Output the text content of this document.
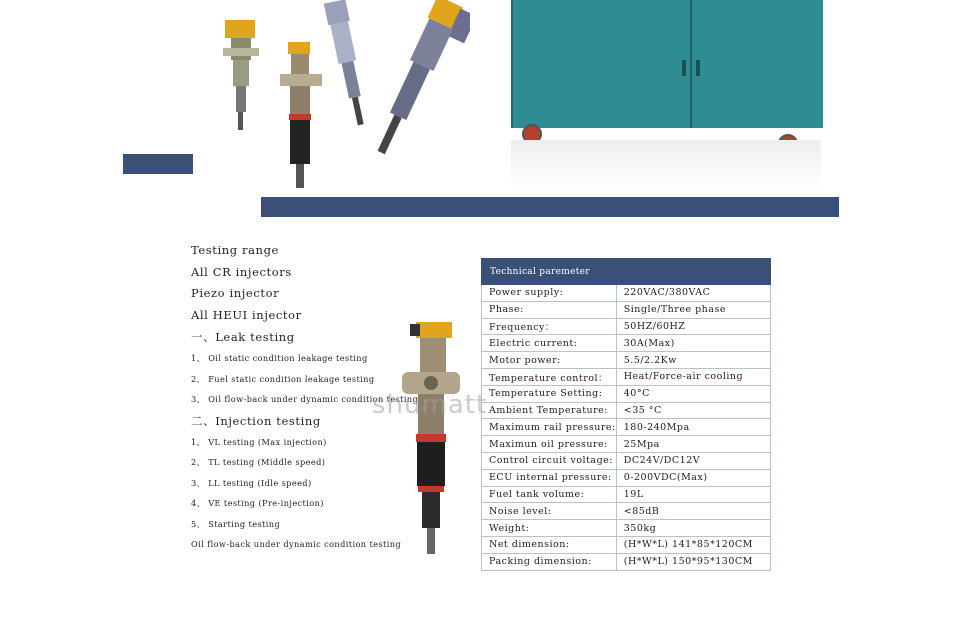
Testing range
All CR injectors
Piezo injector
All HEUI injector
一、Leak testing
1、 Oil static condition leakage testing
2、 Fuel static condition leakage testing
3、 Oil flow-back under dynamic condition testing
二、Injection testing
1、 VL testing (Max injection)
2、 TL testing (Middle speed)
3、 LL testing (Idle speed)
4、 VE testing (Pre-injection)
5、 Starting testing
Oil flow-back under dynamic condition testing
Technical paremeter	
Power supply:	220VAC/380VAC
Phase:	Single/Three phase
Frequency：	50HZ/60HZ
Electric current:	30A(Max)
Motor power:	5.5/2.2Kw
Temperature control：	Heat/Force-air cooling
Temperature Setting:	40°C
Ambient Temperature:	<35 °C
Maximum rail pressure:	180-240Mpa
Maximun oil pressure:	25Mpa
Control circuit voltage:	DC24V/DC12V
ECU internal pressure:	0-200VDC(Max)
Fuel tank volume:	19L
Noise level:	<85dB
Weight:	350kg
Net dimension:	(H*W*L) 141*85*120CM
Packing dimension:	(H*W*L) 150*95*130CM
shumatt
